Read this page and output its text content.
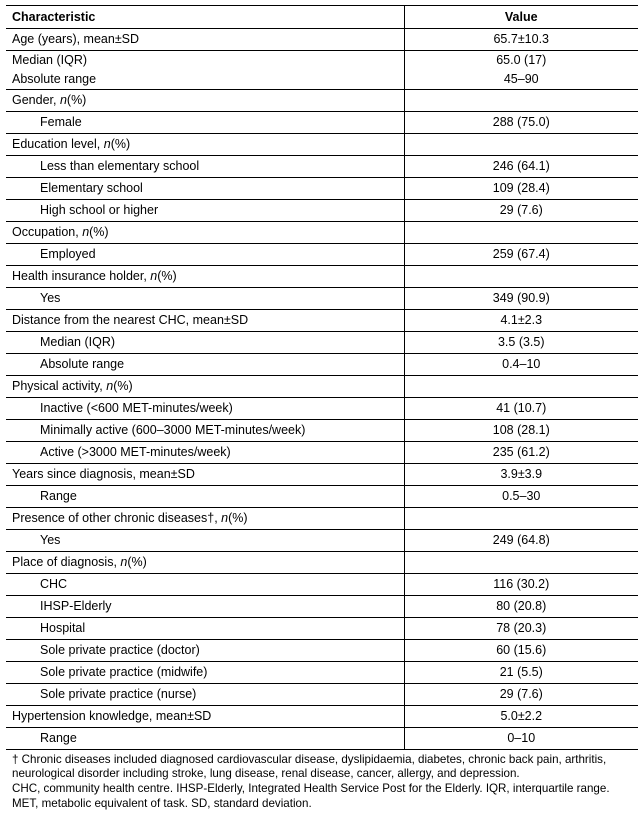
Characteristic	Value
Age (years), mean±SD	65.7±10.3
Median (IQR)	65.0 (17)
Absolute range	45–90
Gender, n(%)	
Female	288 (75.0)
Education level, n(%)	
Less than elementary school	246 (64.1)
Elementary school	109 (28.4)
High school or higher	29 (7.6)
Occupation, n(%)	
Employed	259 (67.4)
Health insurance holder, n(%)	
Yes	349 (90.9)
Distance from the nearest CHC, mean±SD	4.1±2.3
Median (IQR)	3.5 (3.5)
Absolute range	0.4–10
Physical activity, n(%)	
Inactive (<600 MET-minutes/week)	41 (10.7)
Minimally active (600–3000 MET-minutes/week)	108 (28.1)
Active (>3000 MET-minutes/week)	235 (61.2)
Years since diagnosis, mean±SD	3.9±3.9
Range	0.5–30
Presence of other chronic diseases†, n(%)	
Yes	249 (64.8)
Place of diagnosis, n(%)	
CHC	116 (30.2)
IHSP-Elderly	80 (20.8)
Hospital	78 (20.3)
Sole private practice (doctor)	60 (15.6)
Sole private practice (midwife)	21 (5.5)
Sole private practice (nurse)	29 (7.6)
Hypertension knowledge, mean±SD	5.0±2.2
Range	0–10

† Chronic diseases included diagnosed cardiovascular disease, dyslipidaemia, diabetes, chronic back pain, arthritis, neurological disorder including stroke, lung disease, renal disease, cancer, allergy, and depression.

CHC, community health centre. IHSP-Elderly, Integrated Health Service Post for the Elderly. IQR, interquartile range. MET, metabolic equivalent of task. SD, standard deviation.
